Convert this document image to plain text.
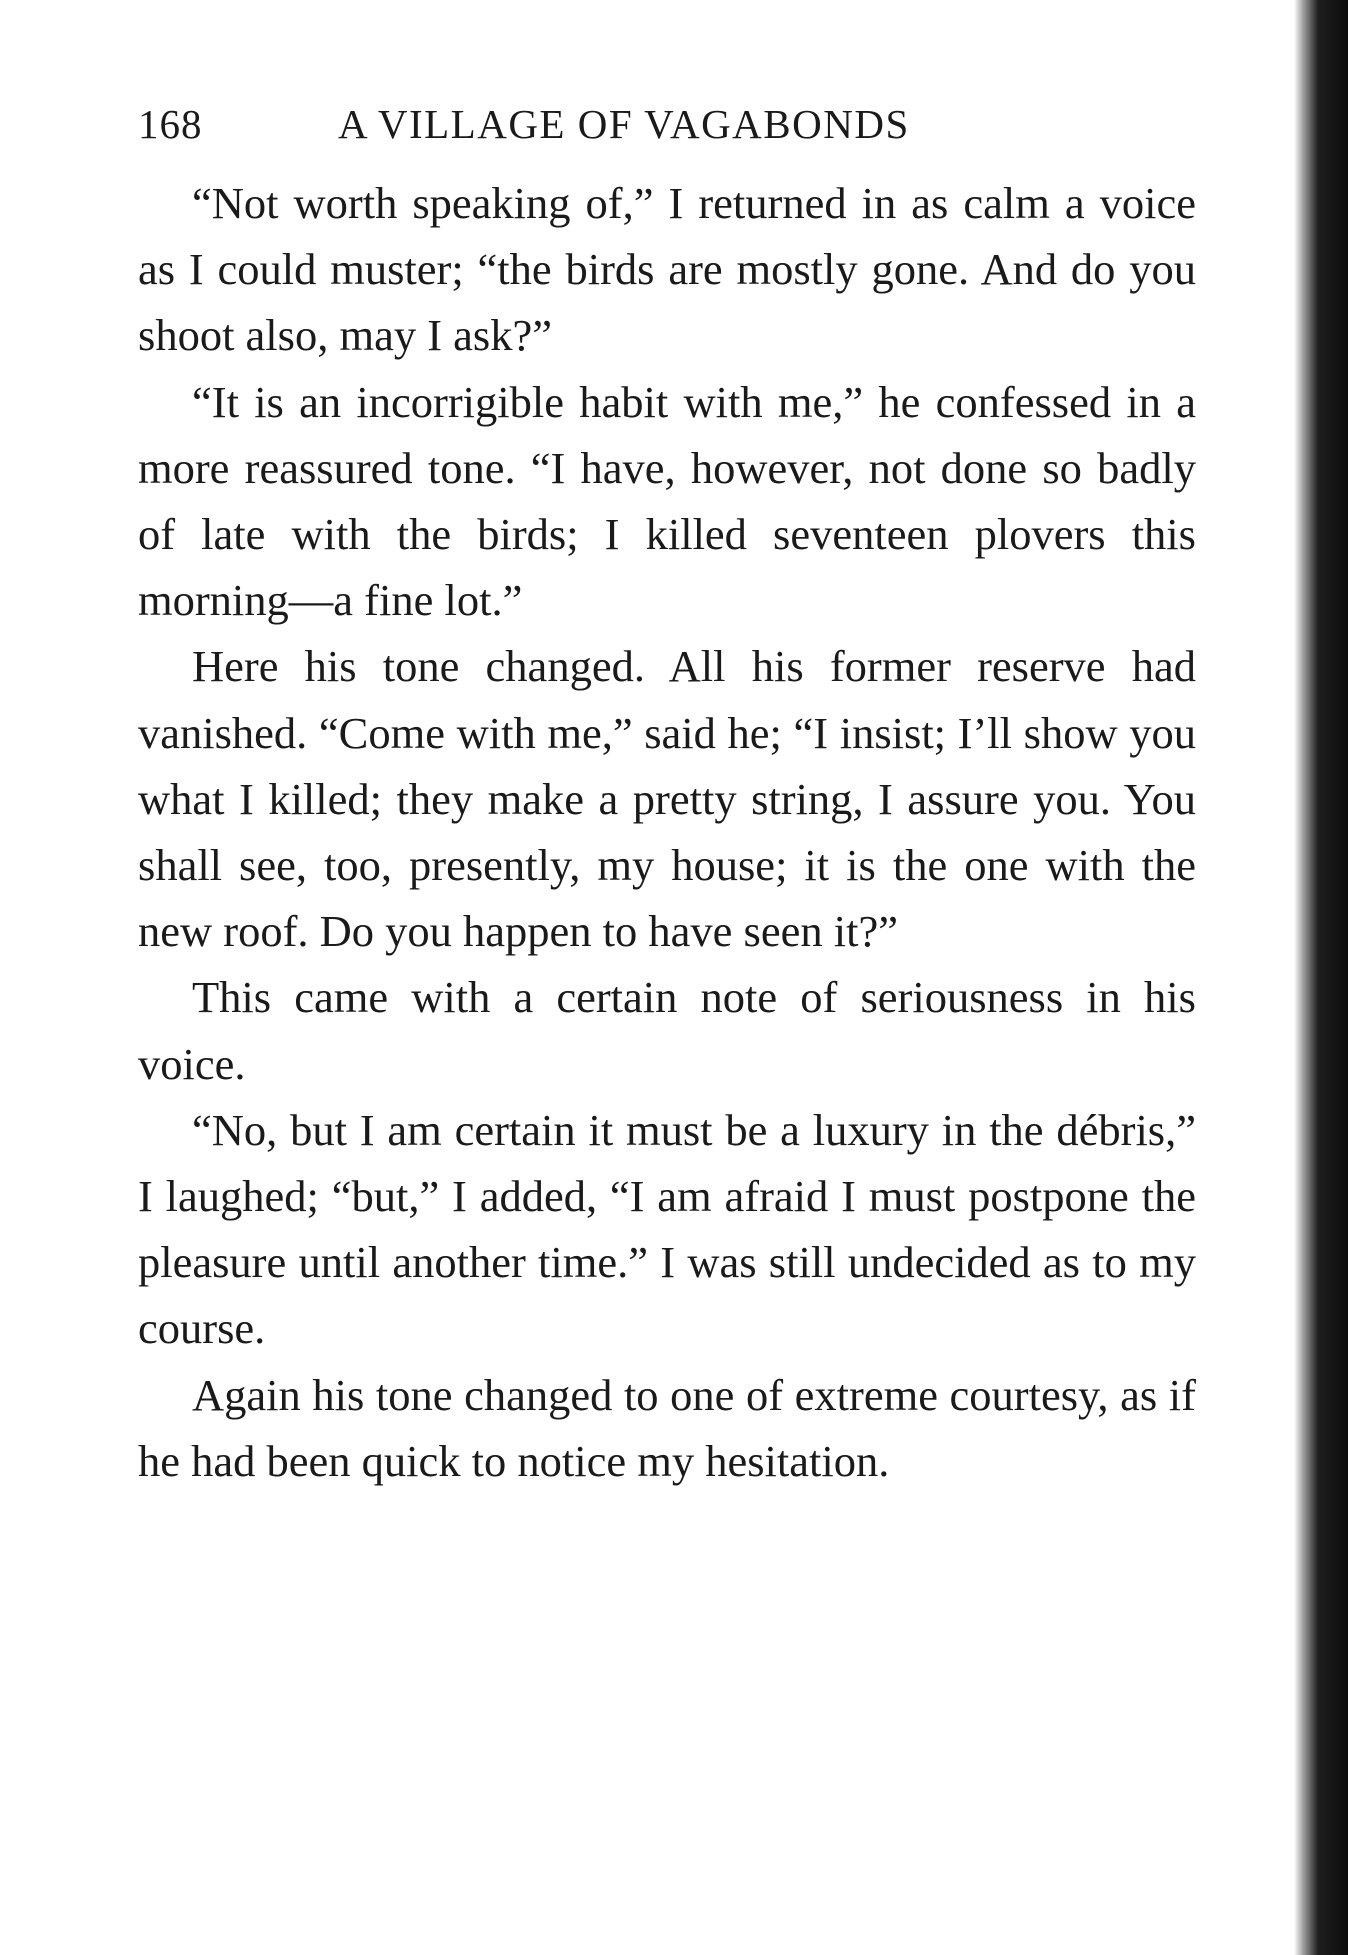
168	A VILLAGE OF VAGABONDS

“Not worth speaking of,” I returned in as calm a voice as I could muster; “the birds are mostly gone. And do you shoot also, may I ask?”

“It is an incorrigible habit with me,” he confessed in a more reassured tone. “I have, however, not done so badly of late with the birds; I killed seventeen plovers this morning—a fine lot.”

Here his tone changed. All his former reserve had vanished. “Come with me,” said he; “I insist; I’ll show you what I killed; they make a pretty string, I assure you. You shall see, too, presently, my house; it is the one with the new roof. Do you happen to have seen it?”

This came with a certain note of seriousness in his voice.

“No, but I am certain it must be a luxury in the débris,” I laughed; “but,” I added, “I am afraid I must postpone the pleasure until another time.” I was still undecided as to my course.

Again his tone changed to one of extreme courtesy, as if he had been quick to notice my hesitation.
